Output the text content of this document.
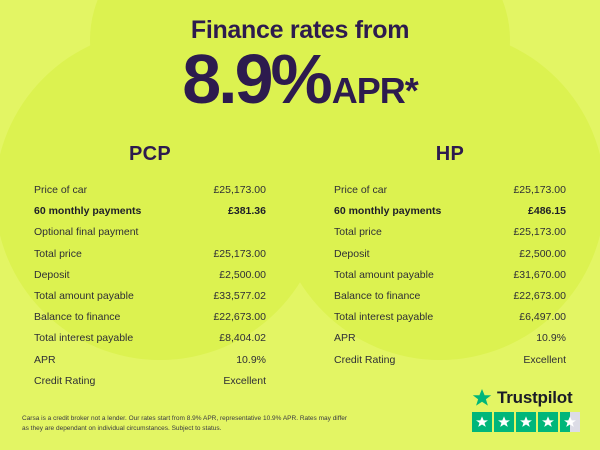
Finance rates from
8.9% APR*
PCP
Price of car	£25,173.00
60 monthly payments	£381.36
Optional final payment
Total price	£25,173.00
Deposit	£2,500.00
Total amount payable	£33,577.02
Balance to finance	£22,673.00
Total interest payable	£8,404.02
APR	10.9%
Credit Rating	Excellent
HP
Price of car	£25,173.00
60 monthly payments	£486.15
Total price	£25,173.00
Deposit	£2,500.00
Total amount payable	£31,670.00
Balance to finance	£22,673.00
Total interest payable	£6,497.00
APR	10.9%
Credit Rating	Excellent
Carsa is a credit broker not a lender. Our rates start from 8.9% APR, representative 10.9% APR. Rates may differ as they are dependant on individual circumstances. Subject to status.
Trustpilot
